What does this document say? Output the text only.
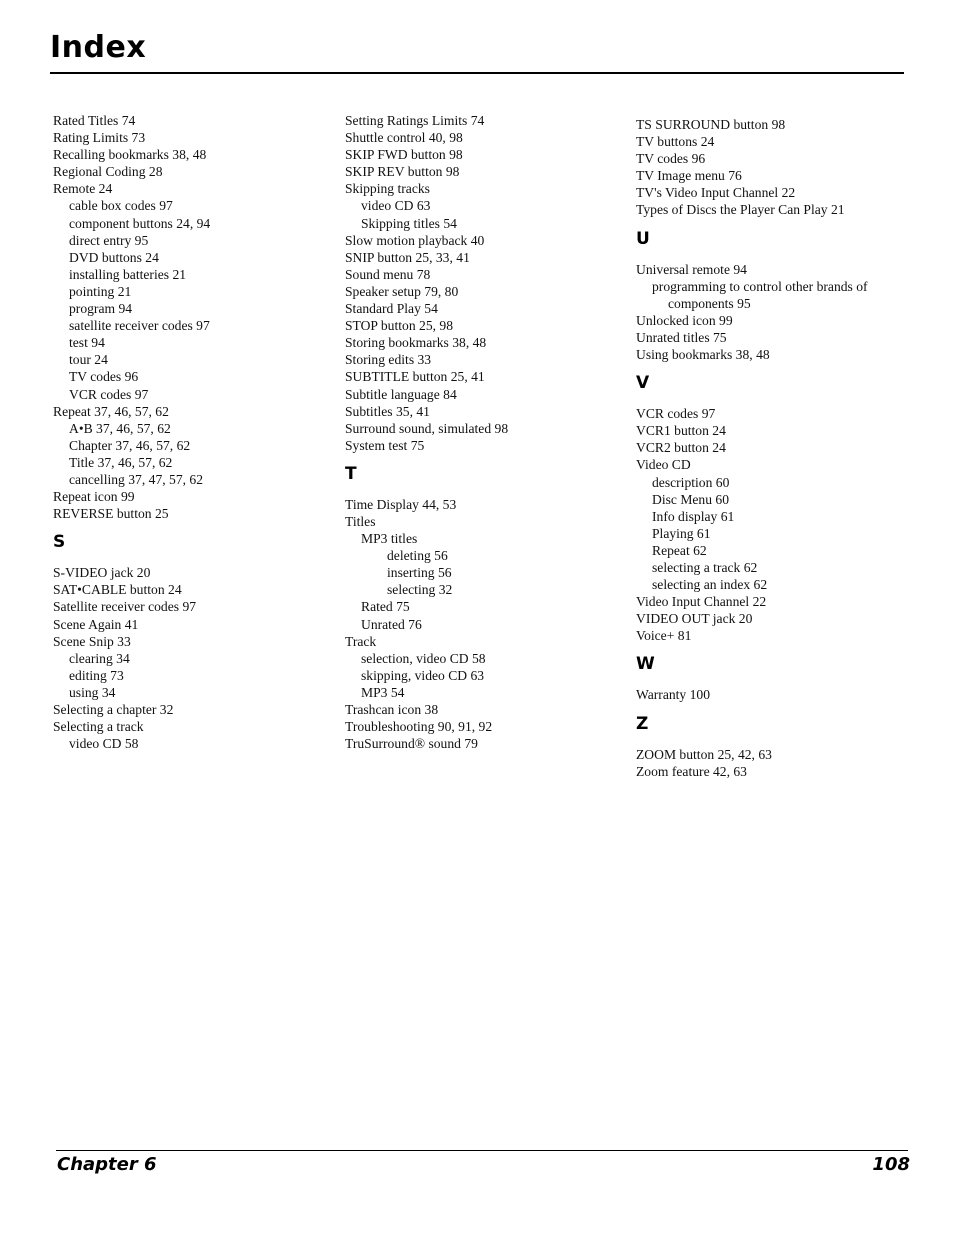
Index
Rated Titles 74
Rating Limits 73
Recalling bookmarks 38, 48
Regional Coding 28
Remote 24
cable box codes 97
component buttons 24, 94
direct entry 95
DVD buttons 24
installing batteries 21
pointing 21
program 94
satellite receiver codes 97
test 94
tour 24
TV codes 96
VCR codes 97
Repeat 37, 46, 57, 62
A•B 37, 46, 57, 62
Chapter 37, 46, 57, 62
Title 37, 46, 57, 62
cancelling 37, 47, 57, 62
Repeat icon 99
REVERSE button 25
S
S-VIDEO jack 20
SAT•CABLE button 24
Satellite receiver codes 97
Scene Again 41
Scene Snip 33
clearing 34
editing 73
using 34
Selecting a chapter 32
Selecting a track
video CD 58
Setting Ratings Limits 74
Shuttle control 40, 98
SKIP FWD button 98
SKIP REV button 98
Skipping tracks
video CD 63
Skipping titles 54
Slow motion playback 40
SNIP button 25, 33, 41
Sound menu 78
Speaker setup 79, 80
Standard Play 54
STOP button 25, 98
Storing bookmarks 38, 48
Storing edits 33
SUBTITLE button 25, 41
Subtitle language 84
Subtitles 35, 41
Surround sound, simulated 98
System test 75
T
Time Display 44, 53
Titles
MP3 titles
deleting 56
inserting 56
selecting 32
Rated 75
Unrated 76
Track
selection, video CD 58
skipping, video CD 63
MP3 54
Trashcan icon 38
Troubleshooting 90, 91, 92
TruSurround® sound 79
TS SURROUND button 98
TV buttons 24
TV codes 96
TV Image menu 76
TV's Video Input Channel 22
Types of Discs the Player Can Play 21
U
Universal remote 94
programming to control other brands of
components 95
Unlocked icon 99
Unrated titles 75
Using bookmarks 38, 48
V
VCR codes 97
VCR1 button 24
VCR2 button 24
Video CD
description 60
Disc Menu 60
Info display 61
Playing 61
Repeat 62
selecting a track 62
selecting an index 62
Video Input Channel 22
VIDEO OUT jack 20
Voice+ 81
W
Warranty 100
Z
ZOOM button 25, 42, 63
Zoom feature 42, 63
Chapter 6	108
